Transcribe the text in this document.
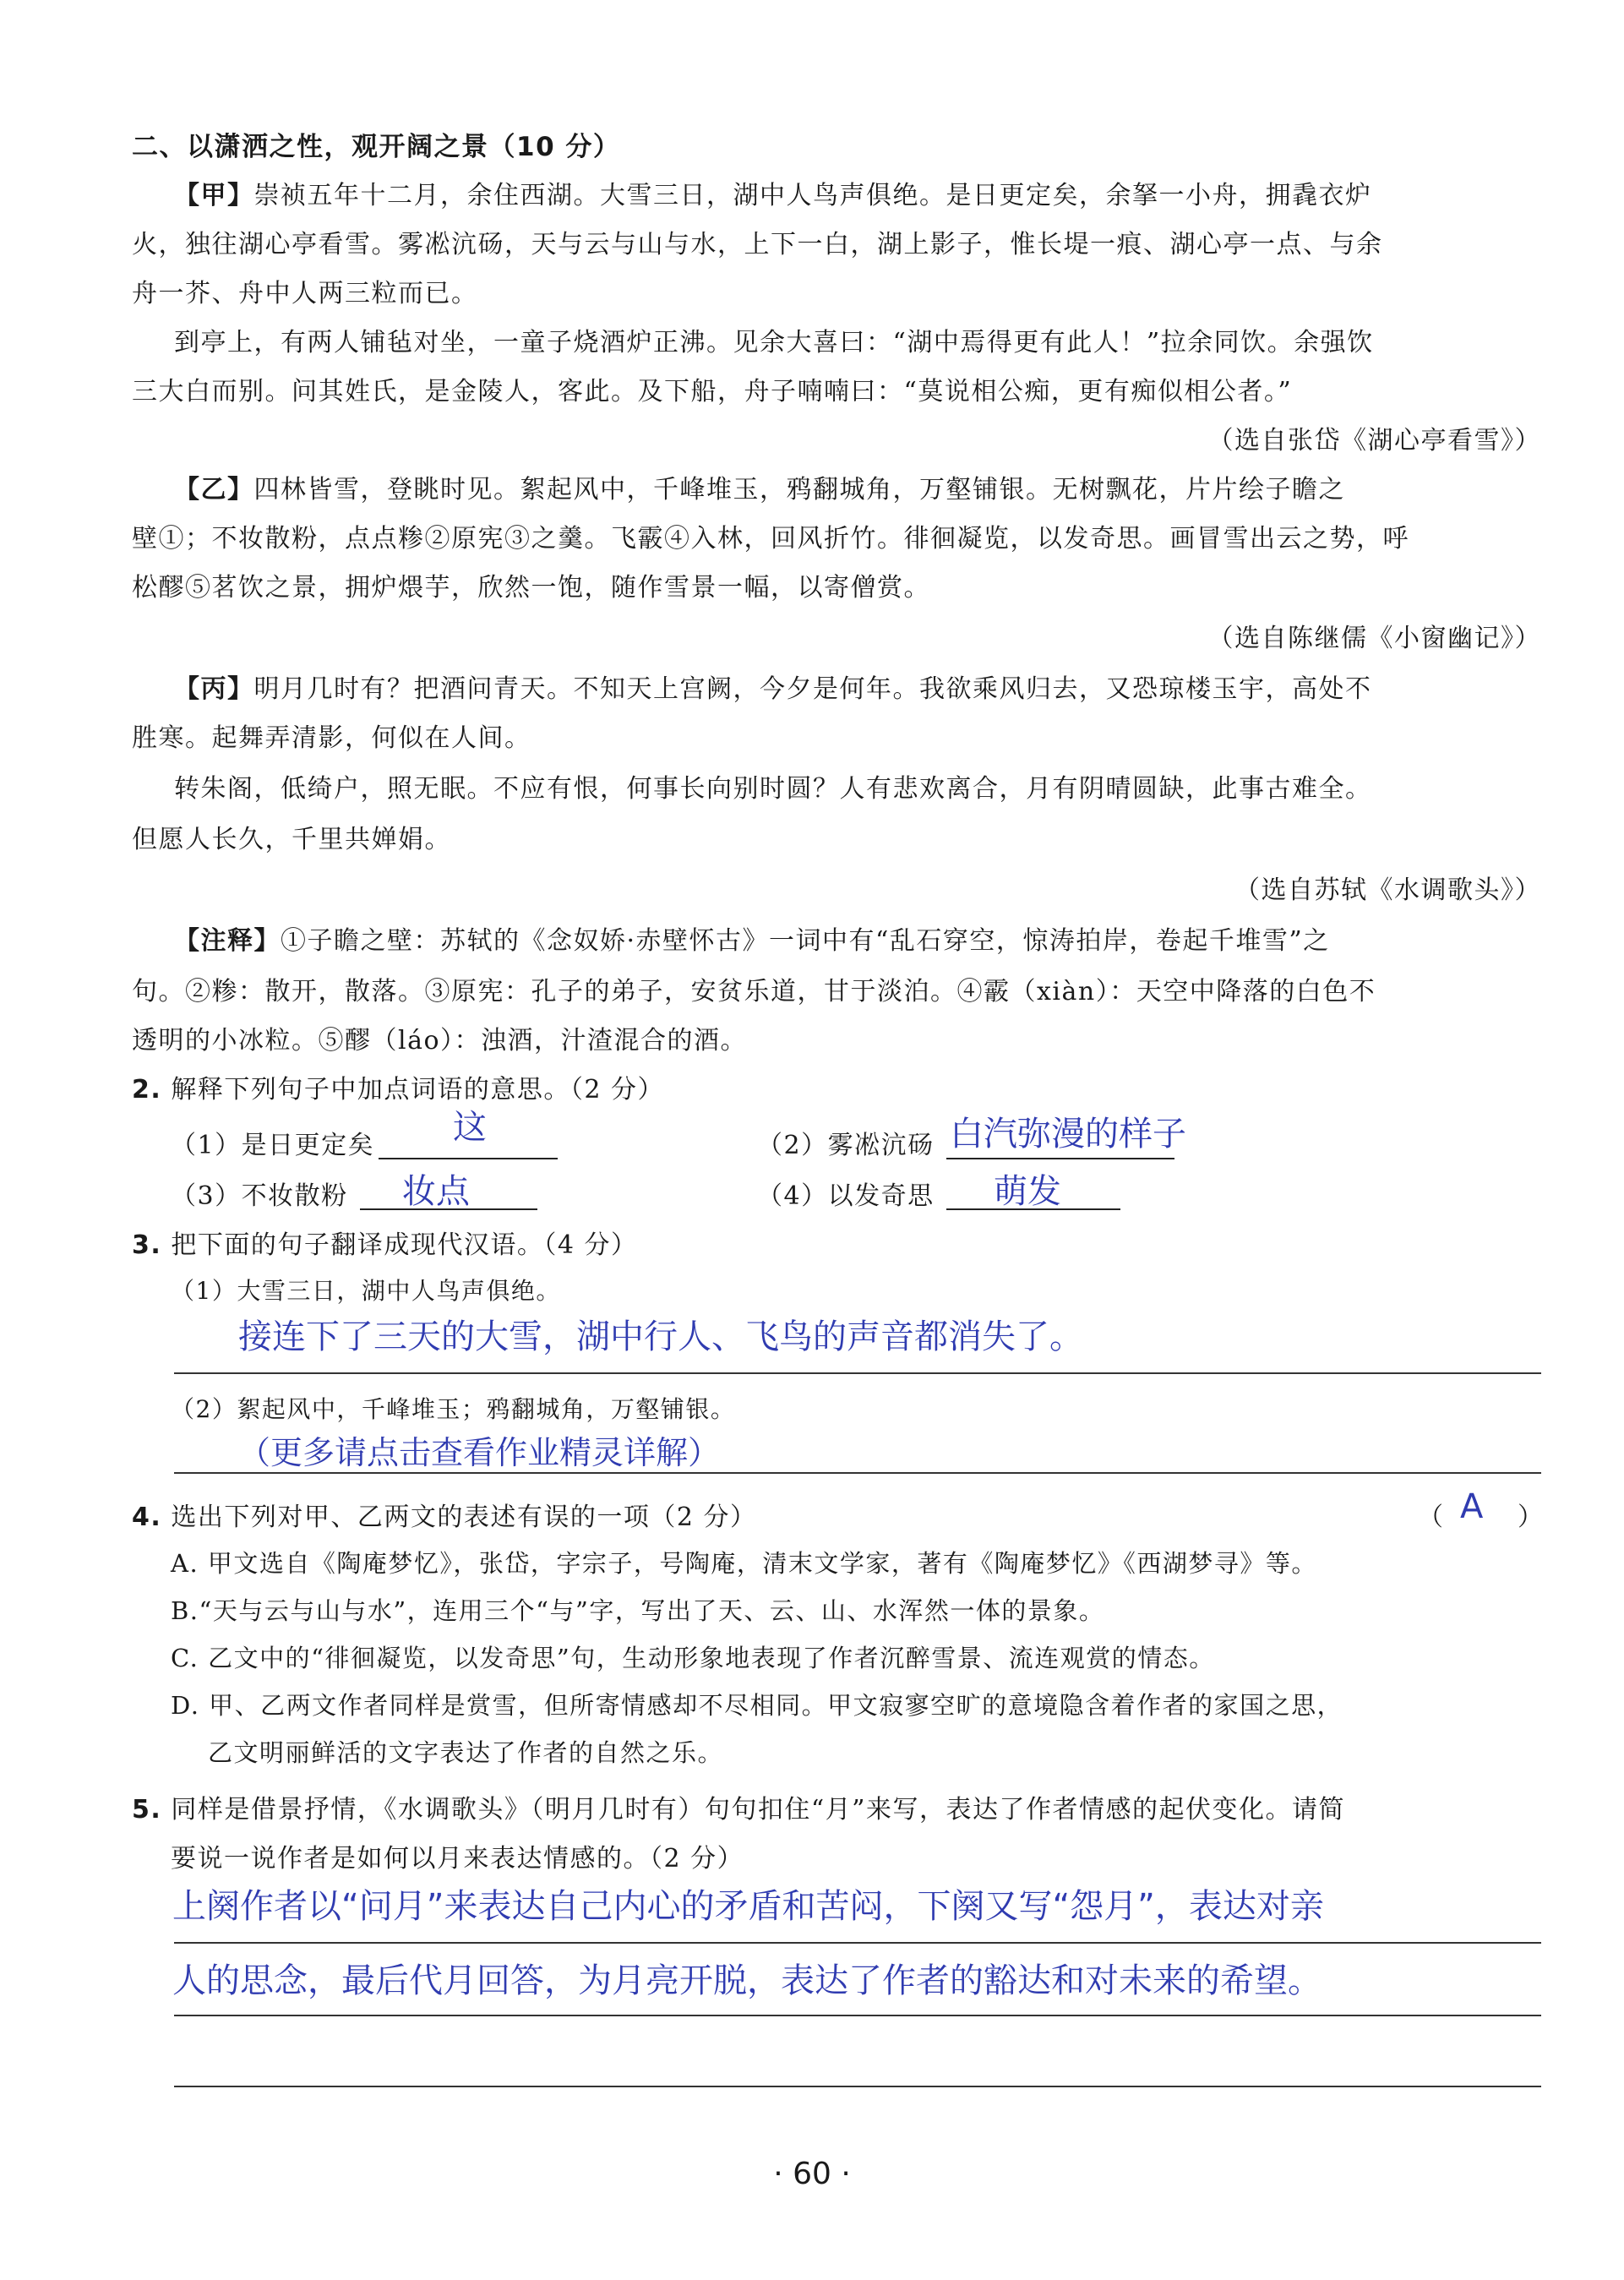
二、以潇洒之性，观开阔之景（10 分）
【甲】崇祯五年十二月，余住西湖。大雪三日，湖中人鸟声俱绝。是日更定矣，余拏一小舟，拥毳衣炉
火，独往湖心亭看雪。雾凇沆砀，天与云与山与水，上下一白，湖上影子，惟长堤一痕、湖心亭一点、与余
舟一芥、舟中人两三粒而已。
到亭上，有两人铺毡对坐，一童子烧酒炉正沸。见余大喜曰：“湖中焉得更有此人！”拉余同饮。余强饮
三大白而别。问其姓氏，是金陵人，客此。及下船，舟子喃喃曰：“莫说相公痴，更有痴似相公者。”
（选自张岱《湖心亭看雪》）
【乙】四林皆雪，登眺时见。絮起风中，千峰堆玉，鸦翻城角，万壑铺银。无树飘花，片片绘子瞻之
壁①；不妆散粉，点点糁②原宪③之羹。飞霰④入林，回风折竹。徘徊凝览，以发奇思。画冒雪出云之势，呼
松醪⑤茗饮之景，拥炉煨芋，欣然一饱，随作雪景一幅，以寄僧赏。
（选自陈继儒《小窗幽记》）
【丙】明月几时有？把酒问青天。不知天上宫阙，今夕是何年。我欲乘风归去，又恐琼楼玉宇，高处不
胜寒。起舞弄清影，何似在人间。
转朱阁，低绮户，照无眠。不应有恨，何事长向别时圆？人有悲欢离合，月有阴晴圆缺，此事古难全。
但愿人长久，千里共婵娟。
（选自苏轼《水调歌头》）
【注释】①子瞻之壁：苏轼的《念奴娇·赤壁怀古》一词中有“乱石穿空，惊涛拍岸，卷起千堆雪”之
句。②糁：散开，散落。③原宪：孔子的弟子，安贫乐道，甘于淡泊。④霰（xiàn）：天空中降落的白色不
透明的小冰粒。⑤醪（láo）：浊酒，汁渣混合的酒。
2. 解释下列句子中加点词语的意思。（2 分）
（1）是日更定矣 这	（2）雾凇沆砀 白汽弥漫的样子
（3）不妆散粉 妆点	（4）以发奇思 萌发
3. 把下面的句子翻译成现代汉语。（4 分）
（1）大雪三日，湖中人鸟声俱绝。
接连下了三天的大雪，湖中行人、飞鸟的声音都消失了。
（2）絮起风中，千峰堆玉；鸦翻城角，万壑铺银。
（更多请点击查看作业精灵详解）
4. 选出下列对甲、乙两文的表述有误的一项（2 分）	（ A ）
A. 甲文选自《陶庵梦忆》，张岱，字宗子，号陶庵，清末文学家，著有《陶庵梦忆》《西湖梦寻》等。
B.“天与云与山与水”，连用三个“与”字，写出了天、云、山、水浑然一体的景象。
C. 乙文中的“徘徊凝览，以发奇思”句，生动形象地表现了作者沉醉雪景、流连观赏的情态。
D. 甲、乙两文作者同样是赏雪，但所寄情感却不尽相同。甲文寂寥空旷的意境隐含着作者的家国之思，
乙文明丽鲜活的文字表达了作者的自然之乐。
5. 同样是借景抒情，《水调歌头》（明月几时有）句句扣住“月”来写，表达了作者情感的起伏变化。请简
要说一说作者是如何以月来表达情感的。（2 分）
上阕作者以“问月”来表达自己内心的矛盾和苦闷，下阕又写“怨月”，表达对亲
人的思念，最后代月回答，为月亮开脱，表达了作者的豁达和对未来的希望。
· 60 ·
